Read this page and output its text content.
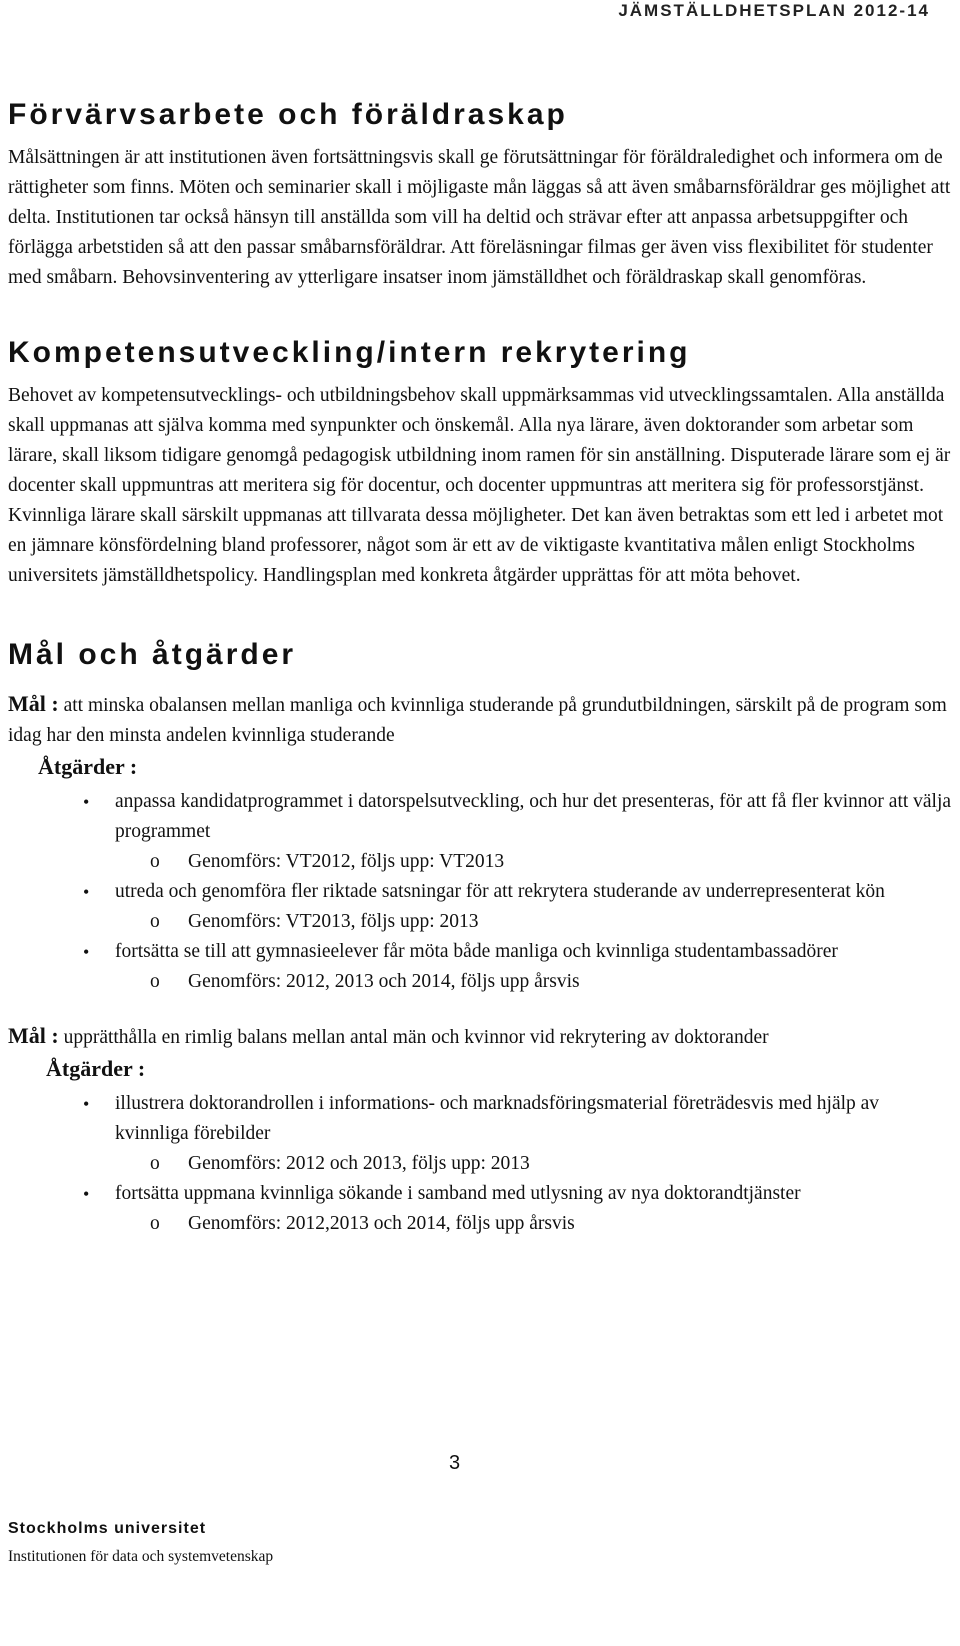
JÄMSTÄLLDHETSPLAN 2012-14
Förvärvsarbete och föräldraskap

Målsättningen är att institutionen även fortsättningsvis skall ge förutsättningar för föräldraledighet och informera om de rättigheter som finns. Möten och seminarier skall i möjligaste mån läggas så att även småbarnsföräldrar ges möjlighet att delta. Institutionen tar också hänsyn till anställda som vill ha deltid och strävar efter att anpassa arbetsuppgifter och förlägga arbetstiden så att den passar småbarnsföräldrar. Att föreläsningar filmas ger även viss flexibilitet för studenter med småbarn. Behovsinventering av ytterligare insatser inom jämställdhet och föräldraskap skall genomföras.

Kompetensutveckling/intern rekrytering

Behovet av kompetensutvecklings- och utbildningsbehov skall uppmärksammas vid utvecklingssamtalen. Alla anställda skall uppmanas att själva komma med synpunkter och önskemål. Alla nya lärare, även doktorander som arbetar som lärare, skall liksom tidigare genomgå pedagogisk utbildning inom ramen för sin anställning. Disputerade lärare som ej är docenter skall uppmuntras att meritera sig för docentur, och docenter uppmuntras att meritera sig för professorstjänst. Kvinnliga lärare skall särskilt uppmanas att tillvarata dessa möjligheter. Det kan även betraktas som ett led i arbetet mot en jämnare könsfördelning bland professorer, något som är ett av de viktigaste kvantitativa målen enligt Stockholms universitets jämställdhetspolicy. Handlingsplan med konkreta åtgärder upprättas för att möta behovet.

Mål och åtgärder

Mål : att minska obalansen mellan manliga och kvinnliga studerande på grundutbildningen, särskilt på de program som idag har den minsta andelen kvinnliga studerande

Åtgärder :

• anpassa kandidatprogrammet i datorspelsutveckling, och hur det presenteras, för att få fler kvinnor att välja programmet
o Genomförs: VT2012, följs upp: VT2013
• utreda och genomföra fler riktade satsningar för att rekrytera studerande av underrepresenterat kön
o Genomförs: VT2013, följs upp: 2013
• fortsätta se till att gymnasieelever får möta både manliga och kvinnliga studentambassadörer
o Genomförs: 2012, 2013 och 2014, följs upp årsvis

Mål : upprätthålla en rimlig balans mellan antal män och kvinnor vid rekrytering av doktorander

Åtgärder :

• illustrera doktorandrollen i informations- och marknadsföringsmaterial företrädesvis med hjälp av kvinnliga förebilder
o Genomförs: 2012 och 2013, följs upp: 2013
• fortsätta uppmana kvinnliga sökande i samband med utlysning av nya doktorandtjänster
o Genomförs: 2012,2013 och 2014, följs upp årsvis
3
Stockholms universitet
Institutionen för data och systemvetenskap
